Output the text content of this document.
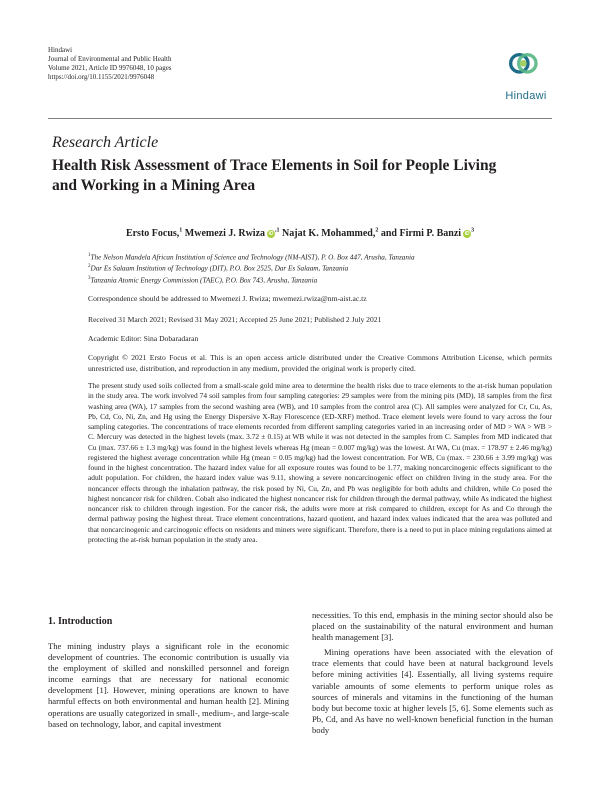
Hindawi
Journal of Environmental and Public Health
Volume 2021, Article ID 9976048, 10 pages
https://doi.org/10.1155/2021/9976048
Hindawi
Research Article
Health Risk Assessment of Trace Elements in Soil for People Living
and Working in a Mining Area
Ersto Focus,$^1$ Mwemezi J. Rwiza $iD^{,1}$ Najat K. Mohammed,$^2$ and Firmi P. Banzi $iD^3$
$^1$The Nelson Mandela African Institution of Science and Technology (NM-AIST), P. O. Box 447, Arusha, Tanzania
$^2$Dar Es Salaam Institution of Technology (DIT), P.O. Box 2525, Dar Es Salaam, Tanzania
$^3$Tanzania Atomic Energy Commission (TAEC), P.O. Box 743, Arusha, Tanzania
Correspondence should be addressed to Mwemezi J. Rwiza; mwemezi.rwiza@nm-aist.ac.tz
Received 31 March 2021; Revised 31 May 2021; Accepted 25 June 2021; Published 2 July 2021
Academic Editor: Sina Dobaradaran
Copyright © 2021 Ersto Focus et al. This is an open access article distributed under the Creative Commons Attribution License, which permits unrestricted use, distribution, and reproduction in any medium, provided the original work is properly cited.
The present study used soils collected from a small-scale gold mine area to determine the health risks due to trace elements to the at-risk human population in the study area. The work involved 74 soil samples from four sampling categories: 29 samples were from the mining pits (MD), 18 samples from the first washing area (WA), 17 samples from the second washing area (WB), and 10 samples from the control area (C). All samples were analyzed for Cr, Cu, As, Pb, Cd, Co, Ni, Zn, and Hg using the Energy Dispersive X-Ray Florescence (ED-XRF) method. Trace element levels were found to vary across the four sampling categories. The concentrations of trace elements recorded from different sampling categories varied in an increasing order of MD > WA > WB > C. Mercury was detected in the highest levels (max. 3.72 ± 0.15) at WB while it was not detected in the samples from C. Samples from MD indicated that Cu (max. 737.66 ± 1.3 mg/kg) was found in the highest levels whereas Hg (mean = 0.007 mg/kg) was the lowest. At WA, Cu (max. = 178.97 ± 2.46 mg/kg) registered the highest average concentration while Hg (mean = 0.05 mg/kg) had the lowest concentration. For WB, Cu (max. = 230.66 ± 3.99 mg/kg) was found in the highest concentration. The hazard index value for all exposure routes was found to be 1.77, making noncarcinogenic effects significant to the adult population. For children, the hazard index value was 9.11, showing a severe noncarcinogenic effect on children living in the study area. For the noncancer effects through the inhalation pathway, the risk posed by Ni, Cu, Zn, and Pb was negligible for both adults and children, while Co posed the highest noncancer risk for children. Cobalt also indicated the highest noncancer risk for children through the dermal pathway, while As indicated the highest noncancer risk to children through ingestion. For the cancer risk, the adults were more at risk compared to children, except for As and Co through the dermal pathway posing the highest threat. Trace element concentrations, hazard quotient, and hazard index values indicated that the area was polluted and that noncarcinogenic and carcinogenic effects on residents and miners were significant. Therefore, there is a need to put in place mining regulations aimed at protecting the at-risk human population in the study area.
1. Introduction

The mining industry plays a significant role in the economic development of countries. The economic contribution is usually via the employment of skilled and nonskilled personnel and foreign income earnings that are necessary for national economic development [1]. However, mining operations are known to have harmful effects on both environmental and human health [2]. Mining operations are usually categorized in small-, medium-, and large-scale based on technology, labor, and capital investment

necessities. To this end, emphasis in the mining sector should also be placed on the sustainability of the natural environment and human health management [3].

Mining operations have been associated with the elevation of trace elements that could have been at natural background levels before mining activities [4]. Essentially, all living systems require variable amounts of some elements to perform unique roles as sources of minerals and vitamins in the functioning of the human body but become toxic at higher levels [5, 6]. Some elements such as Pb, Cd, and As have no well-known beneficial function in the human body
